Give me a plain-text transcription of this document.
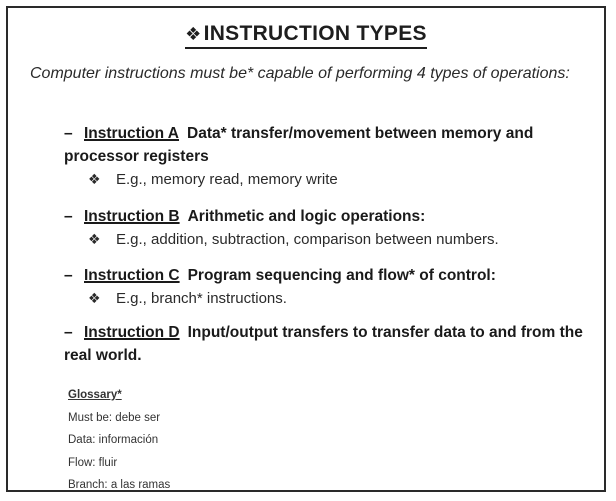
❖INSTRUCTION TYPES
Computer instructions must be* capable of performing 4 types of operations:
– Instruction A Data* transfer/movement between memory and processor registers
❖ E.g., memory read, memory write
– Instruction B Arithmetic and logic operations:
❖ E.g., addition, subtraction, comparison between numbers.
– Instruction C Program sequencing and flow* of control:
❖ E.g., branch* instructions.
– Instruction D Input/output transfers to transfer data to and from the real world.
Glossary*
Must be: debe ser
Data: información
Flow: fluir
Branch: a las ramas
